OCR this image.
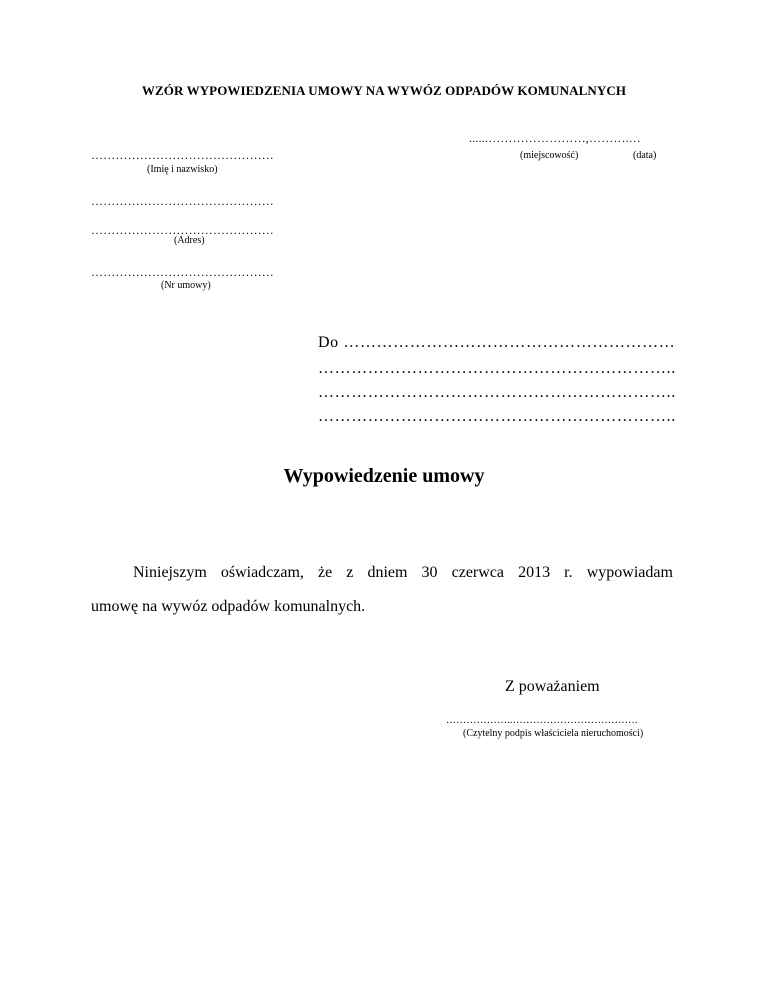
WZÓR WYPOWIEDZENIA UMOWY NA WYWÓZ ODPADÓW KOMUNALNYCH
......……………………,……….…
(miejscowość)	(data)
………………………………………
(Imię i nazwisko)
………………………………………
………………………………………
(Adres)
………………………………………
(Nr umowy)
Do ……………………………………………………
………………………………………………………..
………………………………………………………..
………………………………………………………..
Wypowiedzenie umowy
Niniejszym oświadczam, że z dniem 30 czerwca 2013 r. wypowiadam
umowę na wywóz odpadów komunalnych.
Z poważaniem
………………..……………………………….
(Czytelny podpis właściciela nieruchomości)
